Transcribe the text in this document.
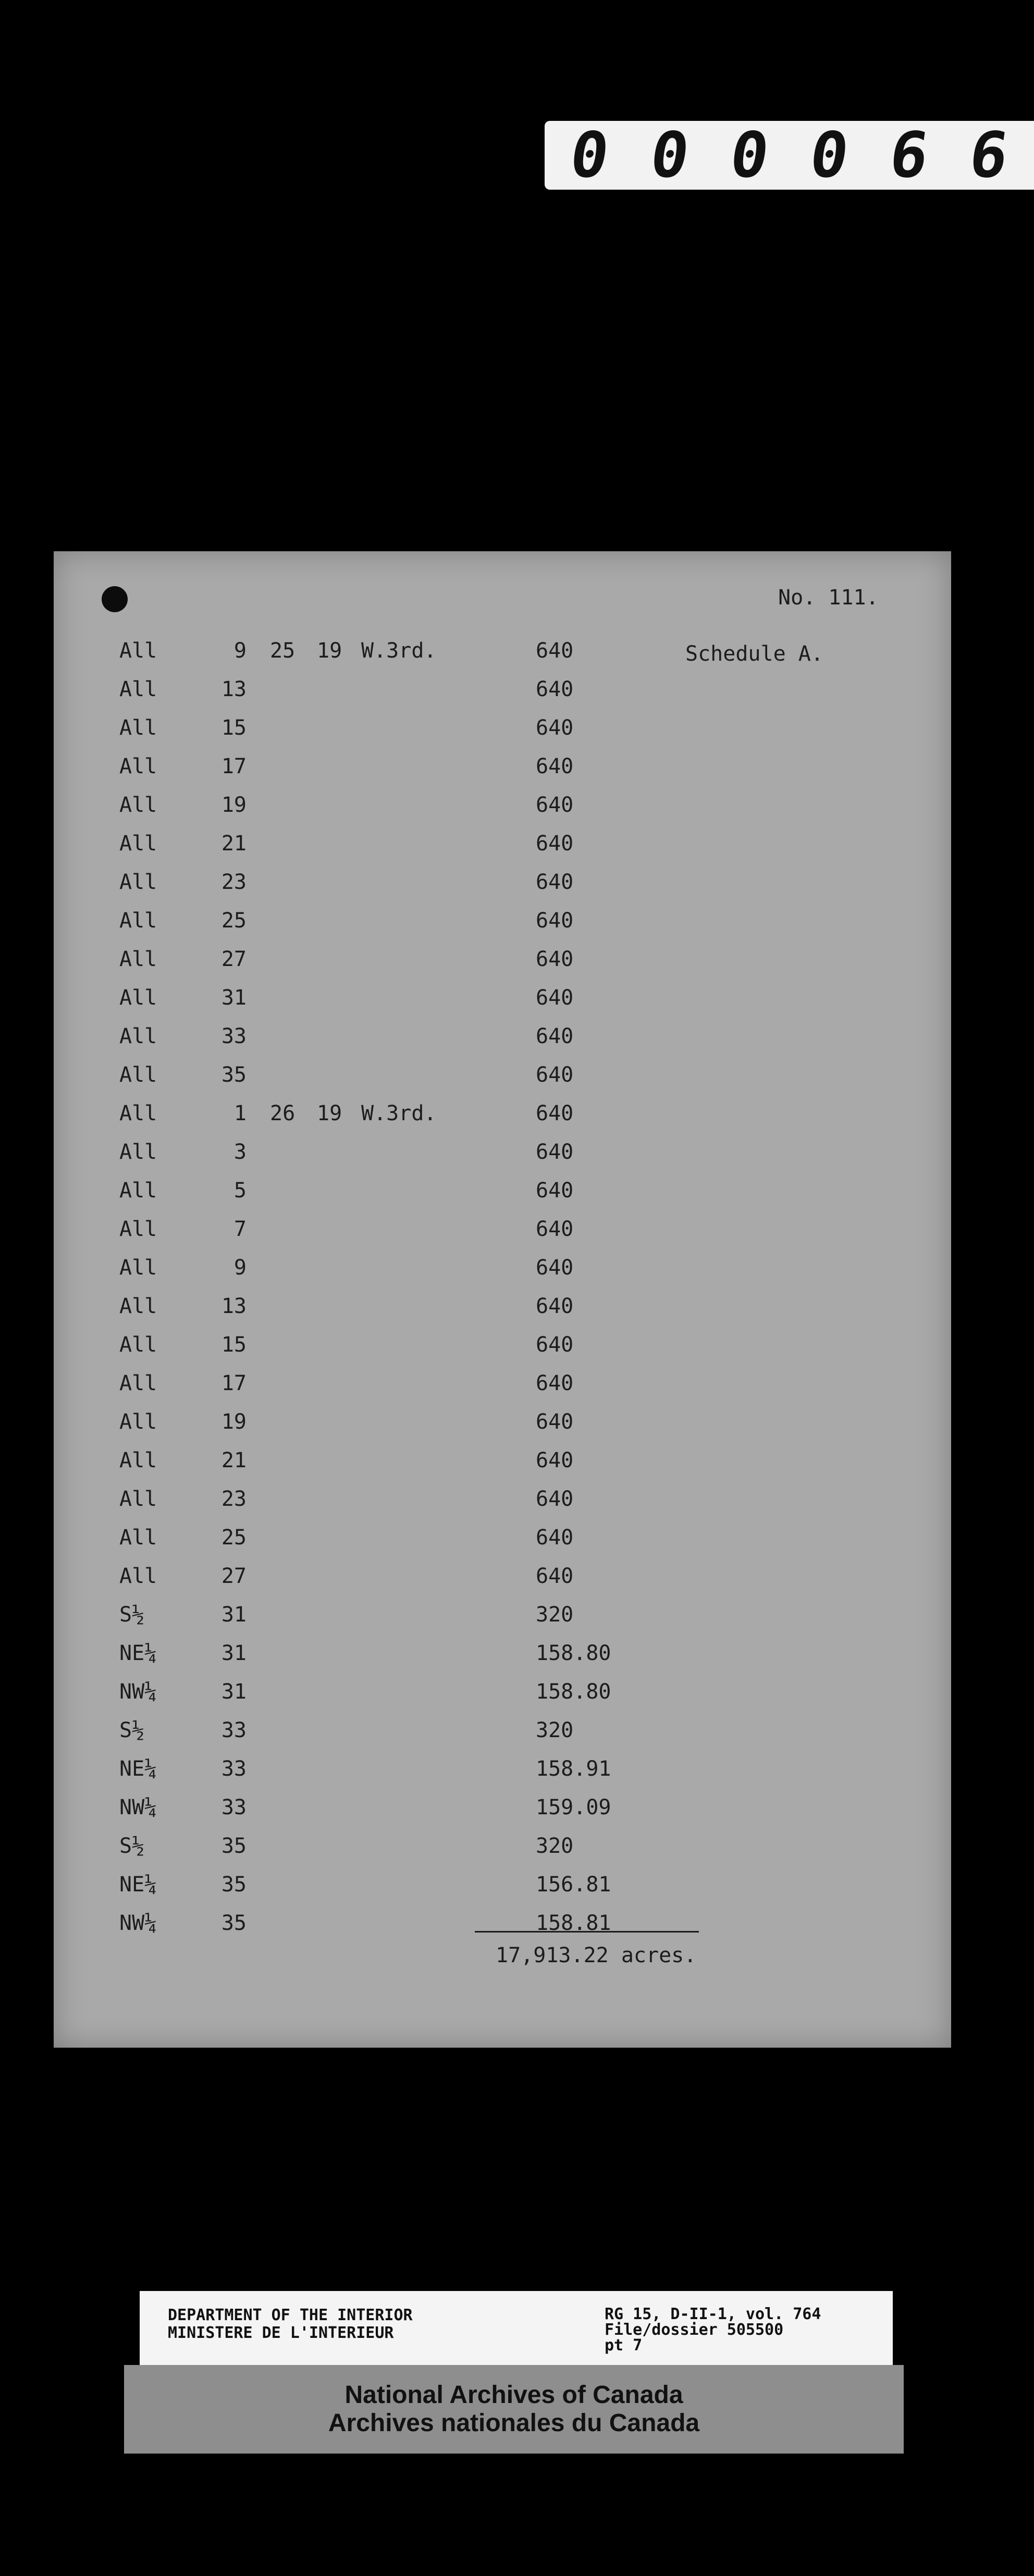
0 0 0 0 6 6
No. 111.
Schedule A.
All	9 25 19 W.3rd.	640
All	13	640
All	15	640
All	17	640
All	19	640
All	21	640
All	23	640
All	25	640
All	27	640
All	31	640
All	33	640
All	35	640
All	1 26 19 W.3rd.	640
All	3	640
All	5	640
All	7	640
All	9	640
All	13	640
All	15	640
All	17	640
All	19	640
All	21	640
All	23	640
All	25	640
All	27	640
S½	31	320
NE¼	31	158.80
NW¼	31	158.80
S½	33	320
NE¼	33	158.91
NW¼	33	159.09
S½	35	320
NE¼	35	156.81
NW¼	35	158.81
17,913.22 acres.
DEPARTMENT OF THE INTERIOR
MINISTERE DE L'INTERIEUR
RG 15, D-II-1, vol. 764
File/dossier 505500
pt 7
National Archives of Canada
Archives nationales du Canada
